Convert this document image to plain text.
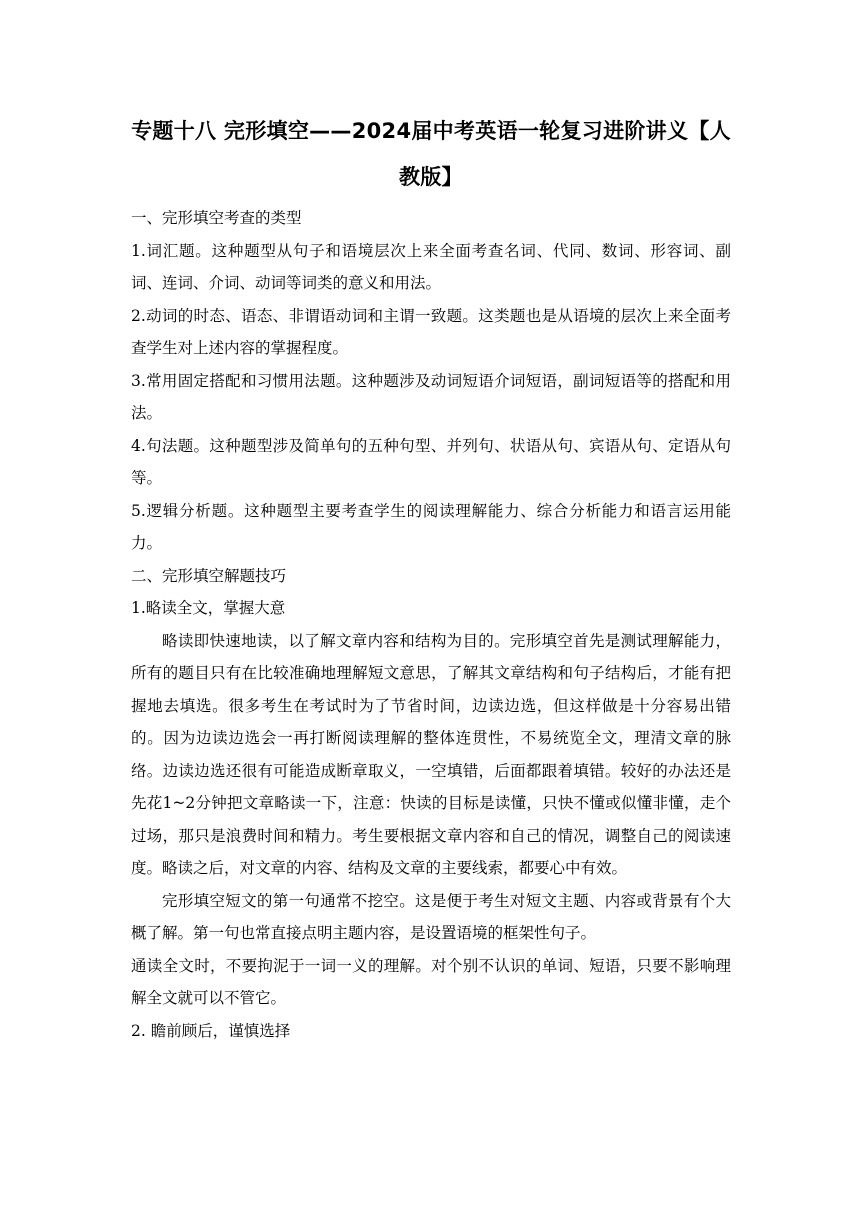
专题十八 完形填空——2024届中考英语一轮复习进阶讲义【人教版】

一、完形填空考查的类型

1.词汇题。这种题型从句子和语境层次上来全面考查名词、代同、数词、形容词、副词、连词、介词、动词等词类的意义和用法。

2.动词的时态、语态、非谓语动词和主谓一致题。这类题也是从语境的层次上来全面考查学生对上述内容的掌握程度。

3.常用固定搭配和习惯用法题。这种题涉及动词短语介词短语，副词短语等的搭配和用法。

4.句法题。这种题型涉及简单句的五种句型、并列句、状语从句、宾语从句、定语从句等。

5.逻辑分析题。这种题型主要考查学生的阅读理解能力、综合分析能力和语言运用能力。

二、完形填空解题技巧

1.略读全文，掌握大意

略读即快速地读，以了解文章内容和结构为目的。完形填空首先是测试理解能力，所有的题目只有在比较准确地理解短文意思，了解其文章结构和句子结构后，才能有把握地去填选。很多考生在考试时为了节省时间，边读边选，但这样做是十分容易出错的。因为边读边选会一再打断阅读理解的整体连贯性，不易统览全文，理清文章的脉络。边读边选还很有可能造成断章取义，一空填错，后面都跟着填错。较好的办法还是先花1~2分钟把文章略读一下，注意：快读的目标是读懂，只快不懂或似懂非懂，走个过场，那只是浪费时间和精力。考生要根据文章内容和自己的情况，调整自己的阅读速度。略读之后，对文章的内容、结构及文章的主要线索，都要心中有效。

完形填空短文的第一句通常不挖空。这是便于考生对短文主题、内容或背景有个大概了解。第一句也常直接点明主题内容，是设置语境的框架性句子。

通读全文时，不要拘泥于一词一义的理解。对个别不认识的单词、短语，只要不影响理解全文就可以不管它。

2. 瞻前顾后，谨慎选择
